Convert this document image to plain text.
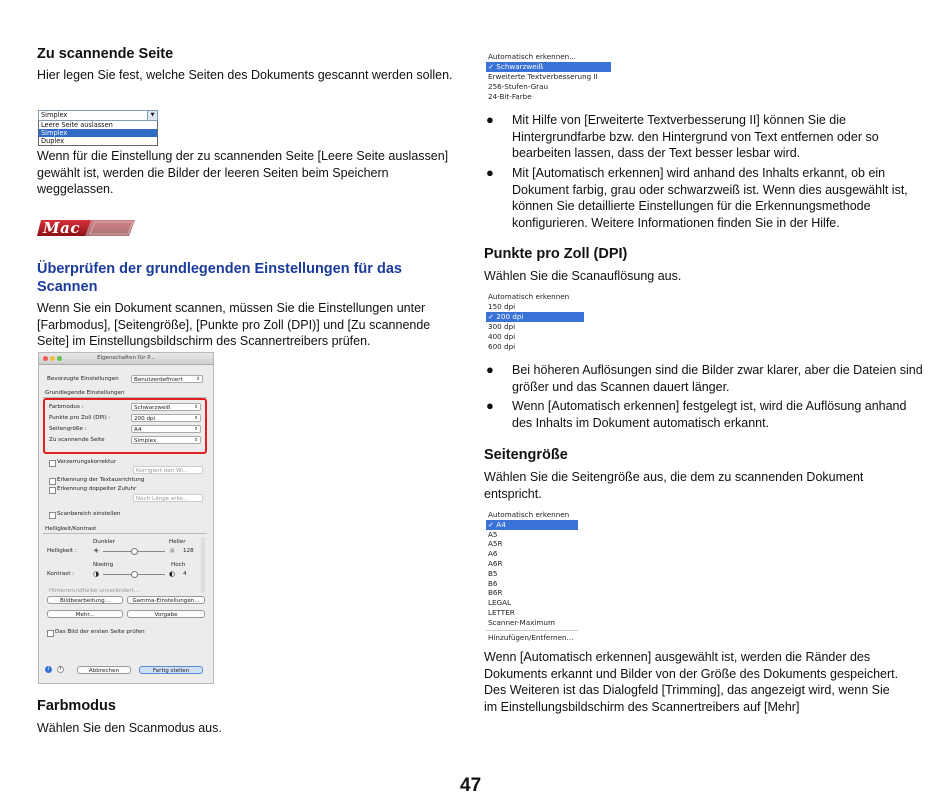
Zu scannende Seite
Hier legen Sie fest, welche Seiten des Dokuments gescannt werden sollen.
Simplex	▼
Leere Seite auslassen
Simplex
Duplex
Wenn für die Einstellung der zu scannenden Seite [Leere Seite auslassen] gewählt ist, werden die Bilder der leeren Seiten beim Speichern weggelassen.
Mac
Überprüfen der grundlegenden Einstellungen für das Scannen
Wenn Sie ein Dokument scannen, müssen Sie die Einstellungen unter [Farbmodus], [Seitengröße], [Punkte pro Zoll (DPI)] und [Zu scannende Seite] im Einstellungsbildschirm des Scannertreibers prüfen.
Eigenschaften für P...
Bevorzugte Einstellungen	Benutzerdefiniert	⇕
Grundlegende Einstellungen
Farbmodus :	Schwarzweiß	⇕
Punkte pro Zoll (DPI) :	200 dpi	⇕
Seitengröße :	A4	⇕
Zu scannende Seite	Simplex	⇕
Verzerrungskorrektur
Korrigiert den Wi...
Erkennung der Textausrichtung
Erkennung doppelter Zufuhr
Nach Länge erke...
Scanbereich einstellen
Helligkeit/Kontrast
Dunkler	Heller
Helligkeit : ☀	☼ 128
Niedrig	Hoch
Kontrast :	◑	◐ 4
Hintergrundfarbe unverändert...
Bildbearbeitung...	Gamma-Einstellungen...
Mehr...	Vorgabe
Das Bild der ersten Seite prüfen
i	?	Abbrechen	Fertig stellen
Farbmodus
Wählen Sie den Scanmodus aus.
Automatisch erkennen...
✓ Schwarzweiß
Erweiterte Textverbesserung II
256-Stufen-Grau
24-Bit-Farbe
● Mit Hilfe von [Erweiterte Textverbesserung II] können Sie die Hintergrundfarbe bzw. den Hintergrund von Text entfernen oder so bearbeiten lassen, dass der Text besser lesbar wird.
● Mit [Automatisch erkennen] wird anhand des Inhalts erkannt, ob ein Dokument farbig, grau oder schwarzweiß ist. Wenn dies ausgewählt ist, können Sie detaillierte Einstellungen für die Erkennungsmethode konfigurieren. Weitere Informationen finden Sie in der Hilfe.
Punkte pro Zoll (DPI)
Wählen Sie die Scanauflösung aus.
Automatisch erkennen
150 dpi
✓ 200 dpi
300 dpi
400 dpi
600 dpi
● Bei höheren Auflösungen sind die Bilder zwar klarer, aber die Dateien sind größer und das Scannen dauert länger.
● Wenn [Automatisch erkennen] festgelegt ist, wird die Auflösung anhand des Inhalts im Dokument automatisch erkannt.
Seitengröße
Wählen Sie die Seitengröße aus, die dem zu scannenden Dokument entspricht.
Automatisch erkennen
✓ A4
A5
A5R
A6
A6R
B5
B6
B6R
LEGAL
LETTER
Scanner-Maximum
Hinzufügen/Entfernen...
Wenn [Automatisch erkennen] ausgewählt ist, werden die Ränder des Dokuments erkannt und Bilder von der Größe des Dokuments gespeichert. Des Weiteren ist das Dialogfeld [Trimming], das angezeigt wird, wenn Sie im Einstellungsbildschirm des Scannertreibers auf [Mehr]
47
